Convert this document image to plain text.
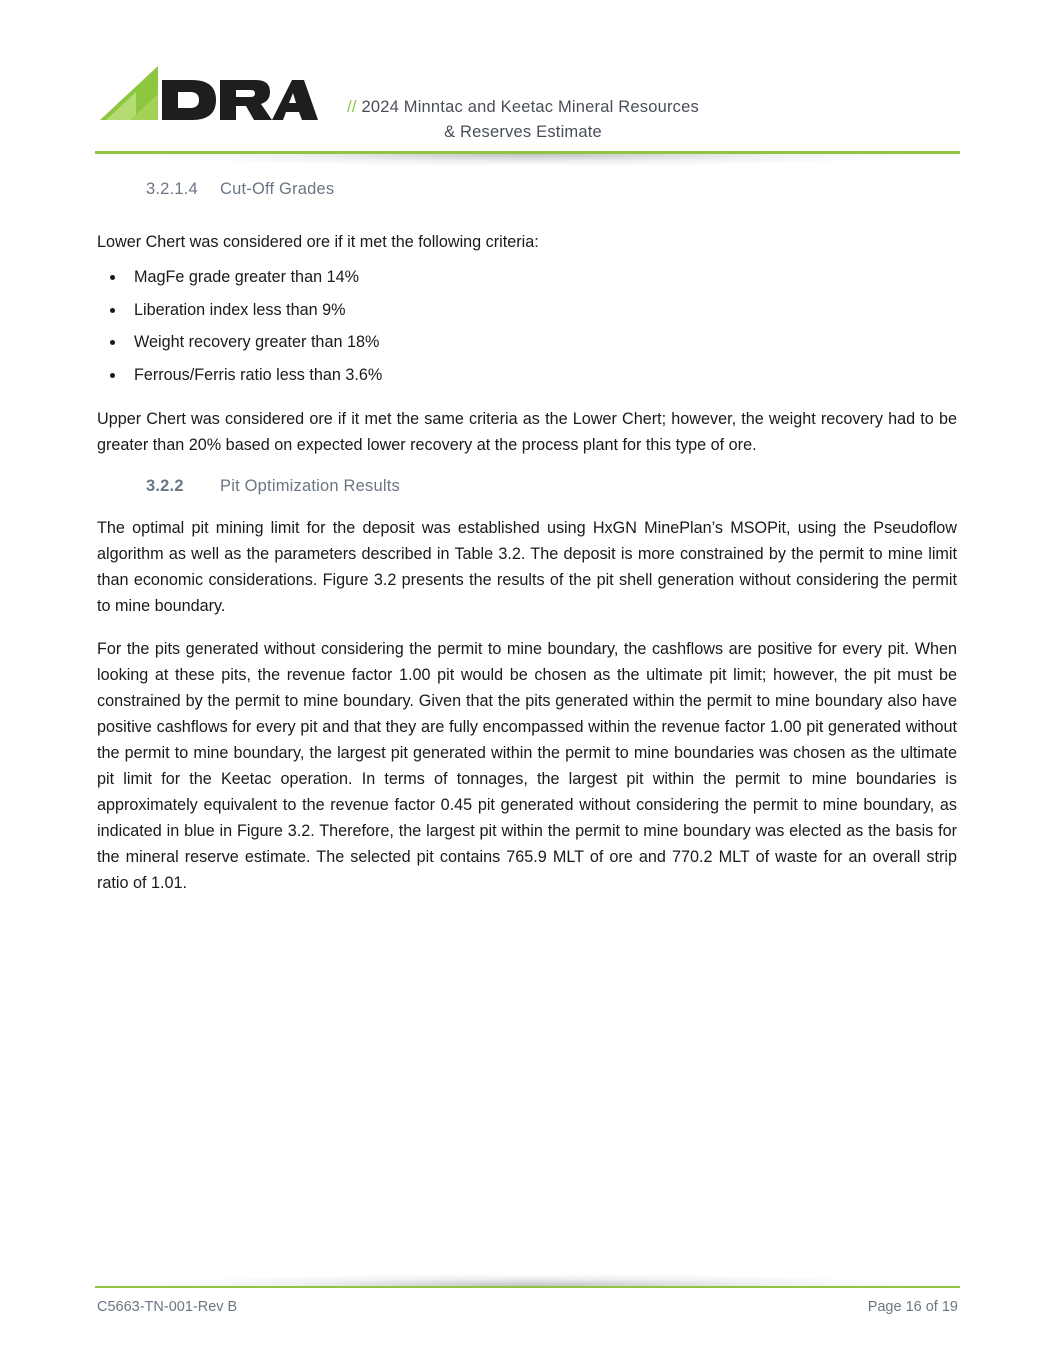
// 2024 Minntac and Keetac Mineral Resources
& Reserves Estimate
3.2.1.4 Cut-Off Grades

Lower Chert was considered ore if it met the following criteria:

MagFe grade greater than 14%
Liberation index less than 9%
Weight recovery greater than 18%
Ferrous/Ferris ratio less than 3.6%

Upper Chert was considered ore if it met the same criteria as the Lower Chert; however, the weight recovery had to be greater than 20% based on expected lower recovery at the process plant for this type of ore.

3.2.2 Pit Optimization Results

The optimal pit mining limit for the deposit was established using HxGN MinePlan’s MSOPit, using the Pseudoflow algorithm as well as the parameters described in Table 3.2. The deposit is more constrained by the permit to mine limit than economic considerations. Figure 3.2 presents the results of the pit shell generation without considering the permit to mine boundary.

For the pits generated without considering the permit to mine boundary, the cashflows are positive for every pit. When looking at these pits, the revenue factor 1.00 pit would be chosen as the ultimate pit limit; however, the pit must be constrained by the permit to mine boundary. Given that the pits generated within the permit to mine boundary also have positive cashflows for every pit and that they are fully encompassed within the revenue factor 1.00 pit generated without the permit to mine boundary, the largest pit generated within the permit to mine boundaries was chosen as the ultimate pit limit for the Keetac operation. In terms of tonnages, the largest pit within the permit to mine boundaries is approximately equivalent to the revenue factor 0.45 pit generated without considering the permit to mine boundary, as indicated in blue in Figure 3.2. Therefore, the largest pit within the permit to mine boundary was elected as the basis for the mineral reserve estimate. The selected pit contains 765.9 MLT of ore and 770.2 MLT of waste for an overall strip ratio of 1.01.

C5663-TN-001-Rev B	Page 16 of 19
